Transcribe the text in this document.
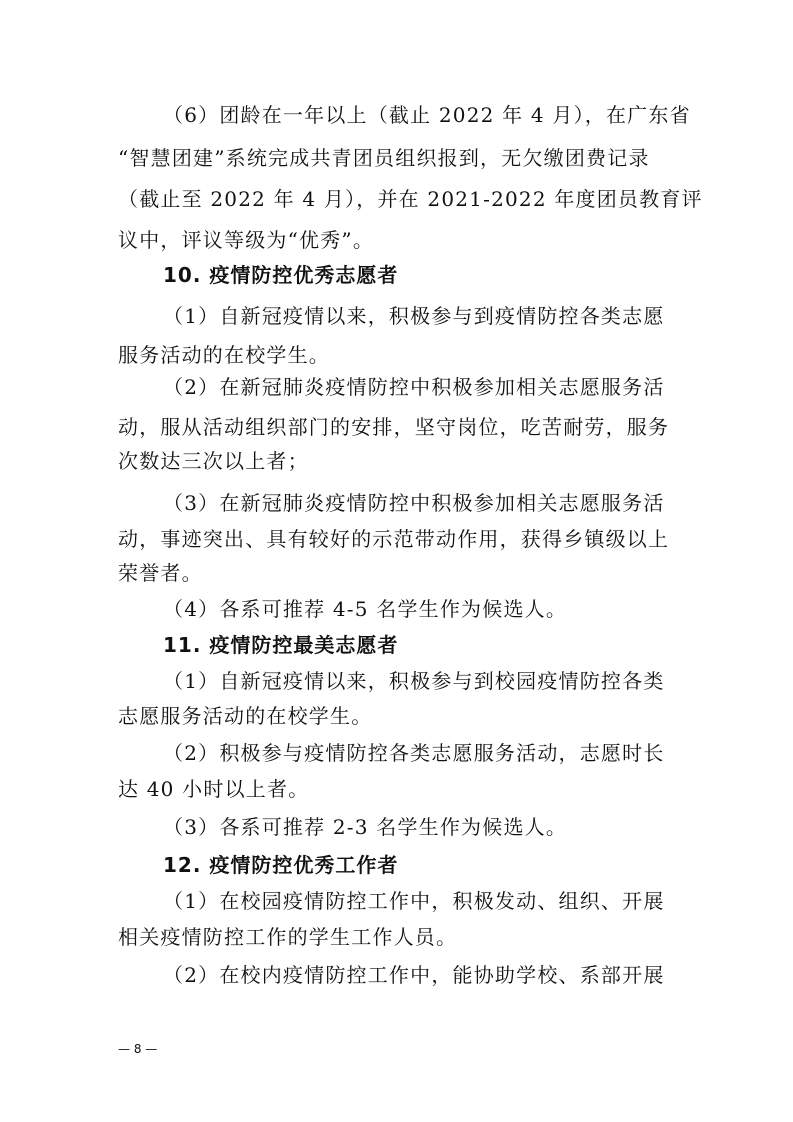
（6）团龄在一年以上（截止 2022 年 4 月），在广东省
“智慧团建”系统完成共青团员组织报到，无欠缴团费记录
（截止至 2022 年 4 月），并在 2021-2022 年度团员教育评
议中，评议等级为“优秀”。
10. 疫情防控优秀志愿者
（1）自新冠疫情以来，积极参与到疫情防控各类志愿
服务活动的在校学生。
（2）在新冠肺炎疫情防控中积极参加相关志愿服务活
动，服从活动组织部门的安排，坚守岗位，吃苦耐劳，服务
次数达三次以上者；
（3）在新冠肺炎疫情防控中积极参加相关志愿服务活
动，事迹突出、具有较好的示范带动作用，获得乡镇级以上
荣誉者。
（4）各系可推荐 4-5 名学生作为候选人。
11. 疫情防控最美志愿者
（1）自新冠疫情以来，积极参与到校园疫情防控各类
志愿服务活动的在校学生。
（2）积极参与疫情防控各类志愿服务活动，志愿时长
达 40 小时以上者。
（3）各系可推荐 2-3 名学生作为候选人。
12. 疫情防控优秀工作者
（1）在校园疫情防控工作中，积极发动、组织、开展
相关疫情防控工作的学生工作人员。
（2）在校内疫情防控工作中，能协助学校、系部开展
— 8 —
